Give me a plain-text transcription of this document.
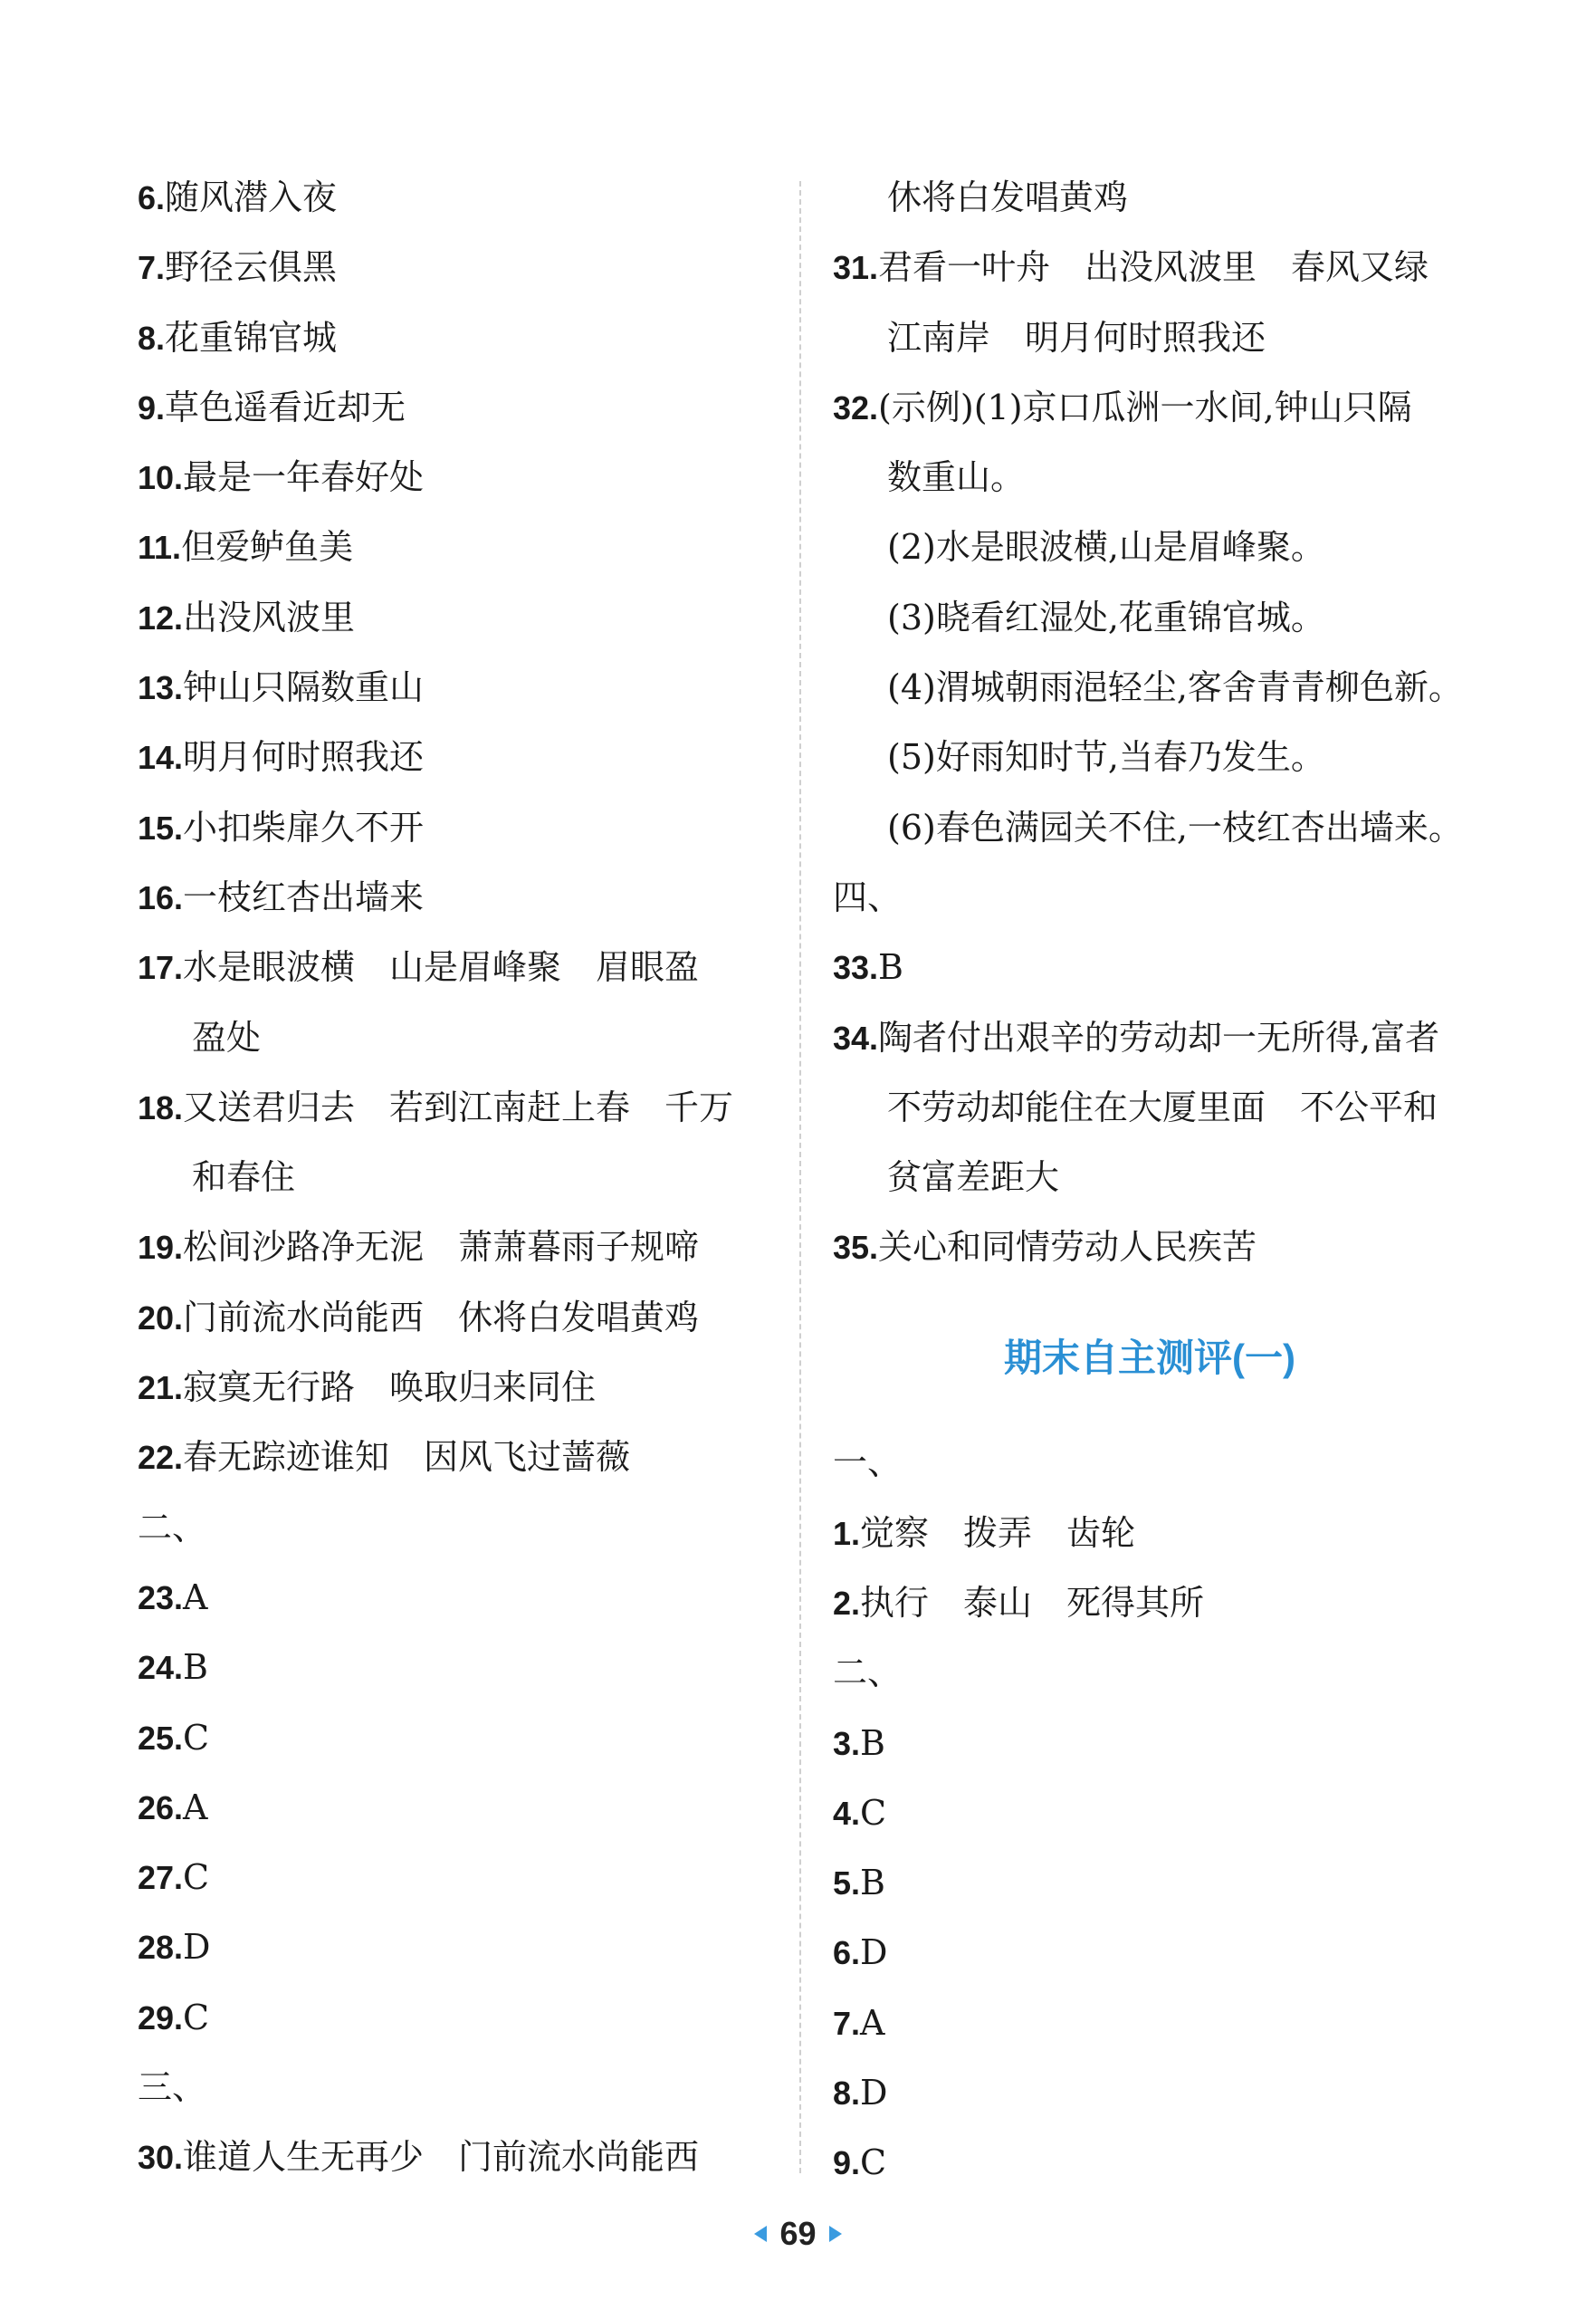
6.随风潜入夜
7.野径云俱黑
8.花重锦官城
9.草色遥看近却无
10.最是一年春好处
11.但爱鲈鱼美
12.出没风波里
13.钟山只隔数重山
14.明月何时照我还
15.小扣柴扉久不开
16.一枝红杏出墙来
17.水是眼波横　山是眉峰聚　眉眼盈
盈处
18.又送君归去　若到江南赶上春　千万
和春住
19.松间沙路净无泥　萧萧暮雨子规啼
20.门前流水尚能西　休将白发唱黄鸡
21.寂寞无行路　唤取归来同住
22.春无踪迹谁知　因风飞过蔷薇
二、
23.A
24.B
25.C
26.A
27.C
28.D
29.C
三、
30.谁道人生无再少　门前流水尚能西
休将白发唱黄鸡
31.君看一叶舟　出没风波里　春风又绿
江南岸　明月何时照我还
32.(示例)(1)京口瓜洲一水间,钟山只隔
数重山。
(2)水是眼波横,山是眉峰聚。
(3)晓看红湿处,花重锦官城。
(4)渭城朝雨浥轻尘,客舍青青柳色新。
(5)好雨知时节,当春乃发生。
(6)春色满园关不住,一枝红杏出墙来。
四、
33.B
34.陶者付出艰辛的劳动却一无所得,富者
不劳动却能住在大厦里面　不公平和
贫富差距大
35.关心和同情劳动人民疾苦
期末自主测评(一)
一、
1.觉察　拨弄　齿轮
2.执行　泰山　死得其所
二、
3.B
4.C
5.B
6.D
7.A
8.D
9.C
69
